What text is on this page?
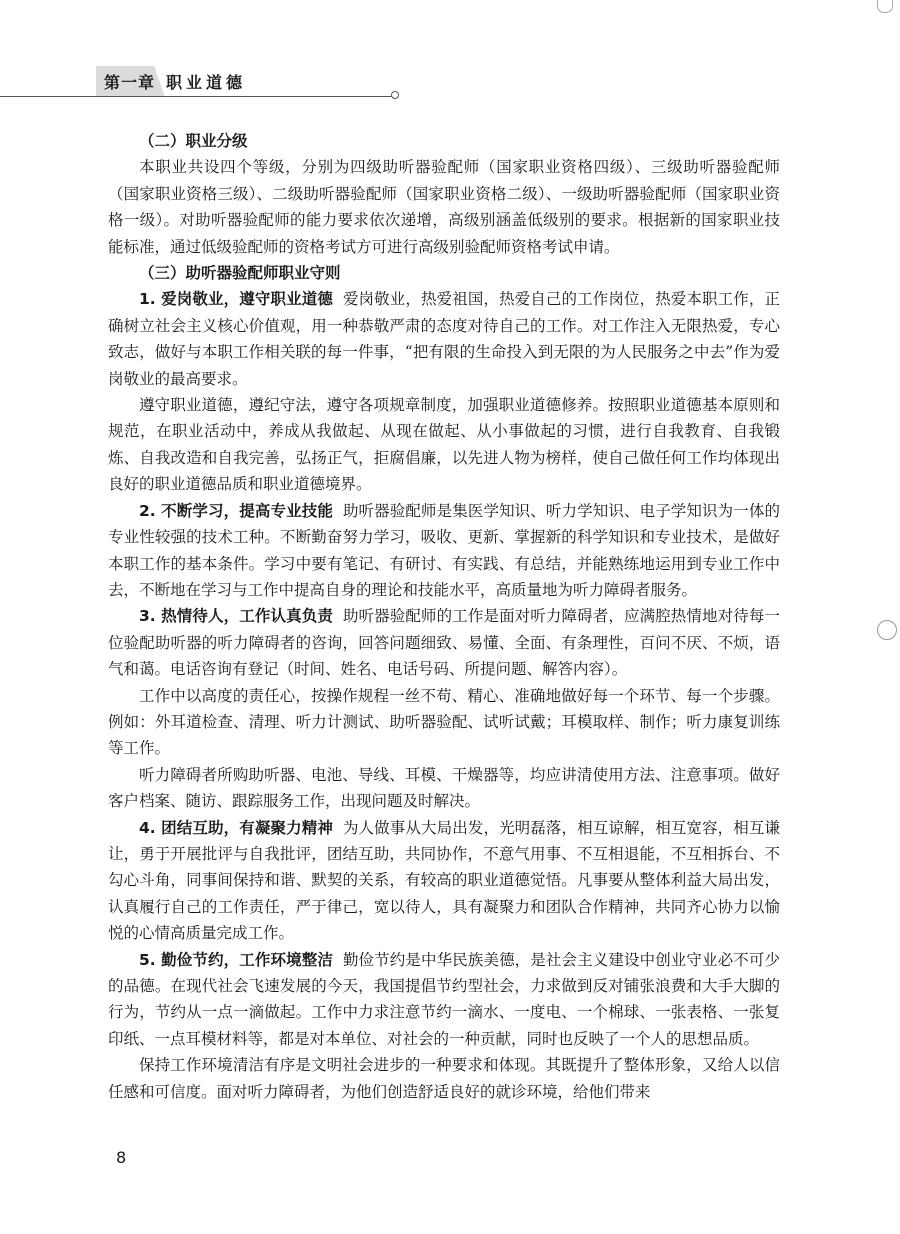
第一章 职业道德
（二）职业分级

本职业共设四个等级，分别为四级助听器验配师（国家职业资格四级）、三级助听器验配师（国家职业资格三级）、二级助听器验配师（国家职业资格二级）、一级助听器验配师（国家职业资格一级）。对助听器验配师的能力要求依次递增，高级别涵盖低级别的要求。根据新的国家职业技能标准，通过低级验配师的资格考试方可进行高级别验配师资格考试申请。

（三）助听器验配师职业守则

1. 爱岗敬业，遵守职业道德 爱岗敬业，热爱祖国，热爱自己的工作岗位，热爱本职工作，正确树立社会主义核心价值观，用一种恭敬严肃的态度对待自己的工作。对工作注入无限热爱，专心致志，做好与本职工作相关联的每一件事，“把有限的生命投入到无限的为人民服务之中去”作为爱岗敬业的最高要求。

遵守职业道德，遵纪守法，遵守各项规章制度，加强职业道德修养。按照职业道德基本原则和规范，在职业活动中，养成从我做起、从现在做起、从小事做起的习惯，进行自我教育、自我锻炼、自我改造和自我完善，弘扬正气，拒腐倡廉，以先进人物为榜样，使自己做任何工作均体现出良好的职业道德品质和职业道德境界。

2. 不断学习，提高专业技能 助听器验配师是集医学知识、听力学知识、电子学知识为一体的专业性较强的技术工种。不断勤奋努力学习，吸收、更新、掌握新的科学知识和专业技术，是做好本职工作的基本条件。学习中要有笔记、有研讨、有实践、有总结，并能熟练地运用到专业工作中去，不断地在学习与工作中提高自身的理论和技能水平，高质量地为听力障碍者服务。

3. 热情待人，工作认真负责 助听器验配师的工作是面对听力障碍者，应满腔热情地对待每一位验配助听器的听力障碍者的咨询，回答问题细致、易懂、全面、有条理性，百问不厌、不烦，语气和蔼。电话咨询有登记（时间、姓名、电话号码、所提问题、解答内容）。

工作中以高度的责任心，按操作规程一丝不苟、精心、准确地做好每一个环节、每一个步骤。例如：外耳道检查、清理、听力计测试、助听器验配、试听试戴；耳模取样、制作；听力康复训练等工作。

听力障碍者所购助听器、电池、导线、耳模、干燥器等，均应讲清使用方法、注意事项。做好客户档案、随访、跟踪服务工作，出现问题及时解决。

4. 团结互助，有凝聚力精神 为人做事从大局出发，光明磊落，相互谅解，相互宽容，相互谦让，勇于开展批评与自我批评，团结互助，共同协作，不意气用事、不互相退能，不互相拆台、不勾心斗角，同事间保持和谐、默契的关系，有较高的职业道德觉悟。凡事要从整体利益大局出发，认真履行自己的工作责任，严于律己，宽以待人，具有凝聚力和团队合作精神，共同齐心协力以愉悦的心情高质量完成工作。

5. 勤俭节约，工作环境整洁 勤俭节约是中华民族美德，是社会主义建设中创业守业必不可少的品德。在现代社会飞速发展的今天，我国提倡节约型社会，力求做到反对铺张浪费和大手大脚的行为，节约从一点一滴做起。工作中力求注意节约一滴水、一度电、一个棉球、一张表格、一张复印纸、一点耳模材料等，都是对本单位、对社会的一种贡献，同时也反映了一个人的思想品质。

保持工作环境清洁有序是文明社会进步的一种要求和体现。其既提升了整体形象，又给人以信任感和可信度。面对听力障碍者，为他们创造舒适良好的就诊环境，给他们带来

8
